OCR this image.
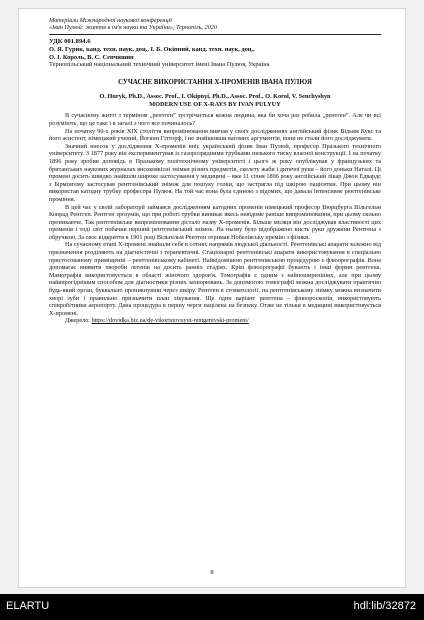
Матеріали Міжнародної наукової конференції
«Іван Пулюй: життя в ім'я науки та України», Тернопіль, 2020
УДК 001.894.6
О. Я. Гурик, канд. техн. наук, доц., І. Б. Окіпний, канд. техн. наук, доц.,
О. І. Король, В. С. Сенчишин
Тернопільський національний технічний університет імені Івана Пулюя, Україна
СУЧАСНЕ ВИКОРИСТАННЯ Х-ПРОМЕНІВ ІВАНА ПУЛЮЯ
O. Huryk, Ph.D., Assoc. Prof., I. Okipnyi, Ph.D., Assoc. Prof., O. Korol, V. Senchyshyn
MODERN USE OF X-RAYS BY IVAN PULYUY

В сучасному житті з терміном „рентген” зустрічається кожна людина, яка би хоча раз робила „рентген”. Але чи всі розуміють, що це таке і в загалі з чого все починалось?

На початку 90-х років ХІХ століття випромінювання вивчав у своїх дослідженнях англійський фізик Вільям Кукс та його асистент, німецький учений, Йоганн Гітторф, і не знайшовши вагомих аргументів, вони не стали його досліджувати.

Значний внесок у дослідження Х-променів вніс український фізик Іван Пулюй, професор Празького технічного університету. З 1877 року він експериментував із газорозрядними трубками низького тиску власної конструкції. І на початку 1896 року зробив доповідь в Празькому політехнічному університеті і цього ж року опублікував у французьких та британських наукових журналах високоякісні знімки різних предметів, скелету жаби і дитячої руки – його доньки Наталі. Ці промені досить швидко знайшли широке застосування у медицині – вже 11 січня 1896 року англійський лікар Джон Едвардс з Бірмінгему застосував рентгенівський знімок для пошуку голки, що застрягла під шкірою пацієнтки. При цьому він використав катодну трубку професора Пулюя. На той час вона була єдиною з відомих, що давала інтенсивне рентгенівське проміння.

В цей час у своїй лабораторії займався дослідженням катодних променів німецький професор Вюрцбурга Вільгельм Конрад Рентген. Рентген зрозумів, що при роботі трубки виникає якесь невідоме раніше випромінювання, при цьому сильно проникаюче. Так рентгенівське випромінювання дістало назву Х-променів. Більше місяця він досліджував властивості цих променів і тоді світ побачив перший рентгенівський знімок. На ньому було відображено кисть руки дружини Рентгена з обручкою. За своє відкриття в 1901 році Вільгельм Рентген отримав Нобелівську премію з фізики.

На сучасному етапі Х-промені знайшли себе в сотнях напрямів людської діяльності. Рентгенівські апарати залежно від призначення розділяють на діагностичні і терапевтичні. Стаціонарні рентгенівські апарати використовування в спеціально пристосованому приміщенні – рентгенівському кабінеті. Найвідомішою рентгенівською процедурою є флюорографія. Вона допомагає виявити хвороби легенів на досить ранніх стадіях. Крім флюорографії бувають і інші форми рентгена. Мамографія використовується в області жіночого здоров'я. Томографія є одним з найпоширеніших, але при цьому найвирогіднішим способом для діагностики різних захворювань. За допомогою томографії можна досліджувати практично будь-який орган, буквально проникнувши через шкіру. Рентген в стоматології, на рентгенівському знімку можна визначити хворі зуби і правильно призначити план лікування. Ще один варіант рентгена – флюороскопія, використовують співробітники аеропорту. Дана процедура в першу черги націлена на безпеку. Отже не тільки в медицині використовується Х-промені.

Джерело: https://dovidka.biz.ua/de-vikoristovuyut-rentgenivski-promeni/
8
ELARTU	hdl:lib/32872
